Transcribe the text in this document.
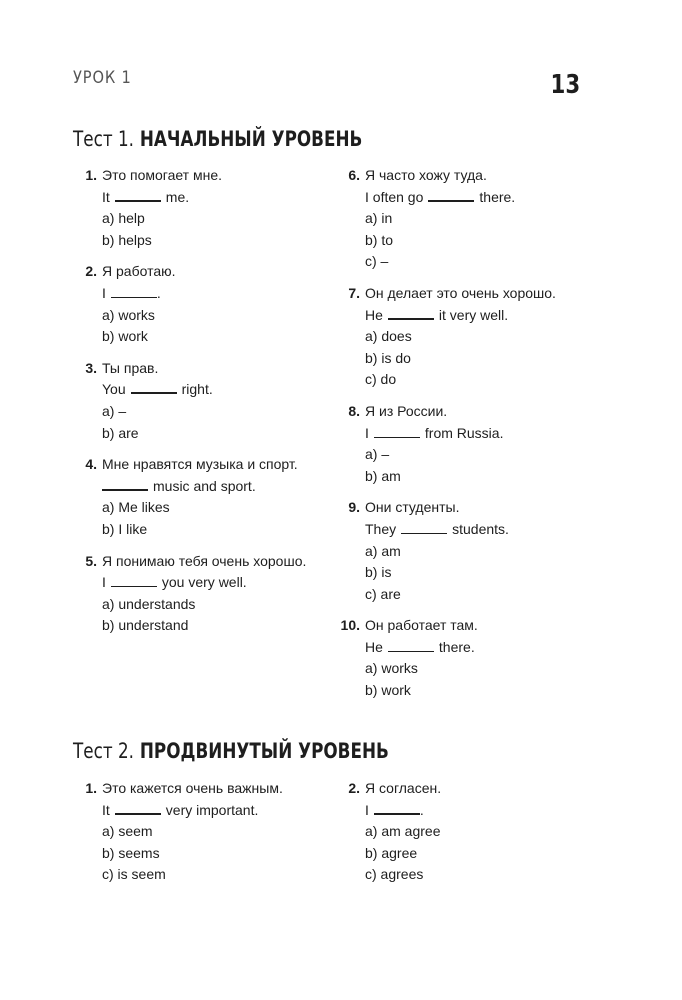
УРОК 1	13
Тест 1. НАЧАЛЬНЫЙ УРОВЕНЬ
1. Это помогает мне.
It	me.
a) help
b) helps
2. Я работаю.
I	.
a) works
b) work
3. Ты прав.
You	right.
a) –
b) are
4. Мне нравятся музыка и спорт.
music and sport.
a) Me likes
b) I like
5. Я понимаю тебя очень хорошо.
I	you very well.
a) understands
b) understand
6. Я часто хожу туда.
I often go	there.
a) in
b) to
c) –
7. Он делает это очень хорошо.
He	it very well.
a) does
b) is do
c) do
8. Я из России.
I	from Russia.
a) –
b) am
9. Они студенты.
They	students.
a) am
b) is
c) are
10. Он работает там.
He	there.
a) works
b) work
Тест 2. ПРОДВИНУТЫЙ УРОВЕНЬ
1. Это кажется очень важным.
It	very important.
a) seem
b) seems
c) is seem
2. Я согласен.
I	.
a) am agree
b) agree
c) agrees
